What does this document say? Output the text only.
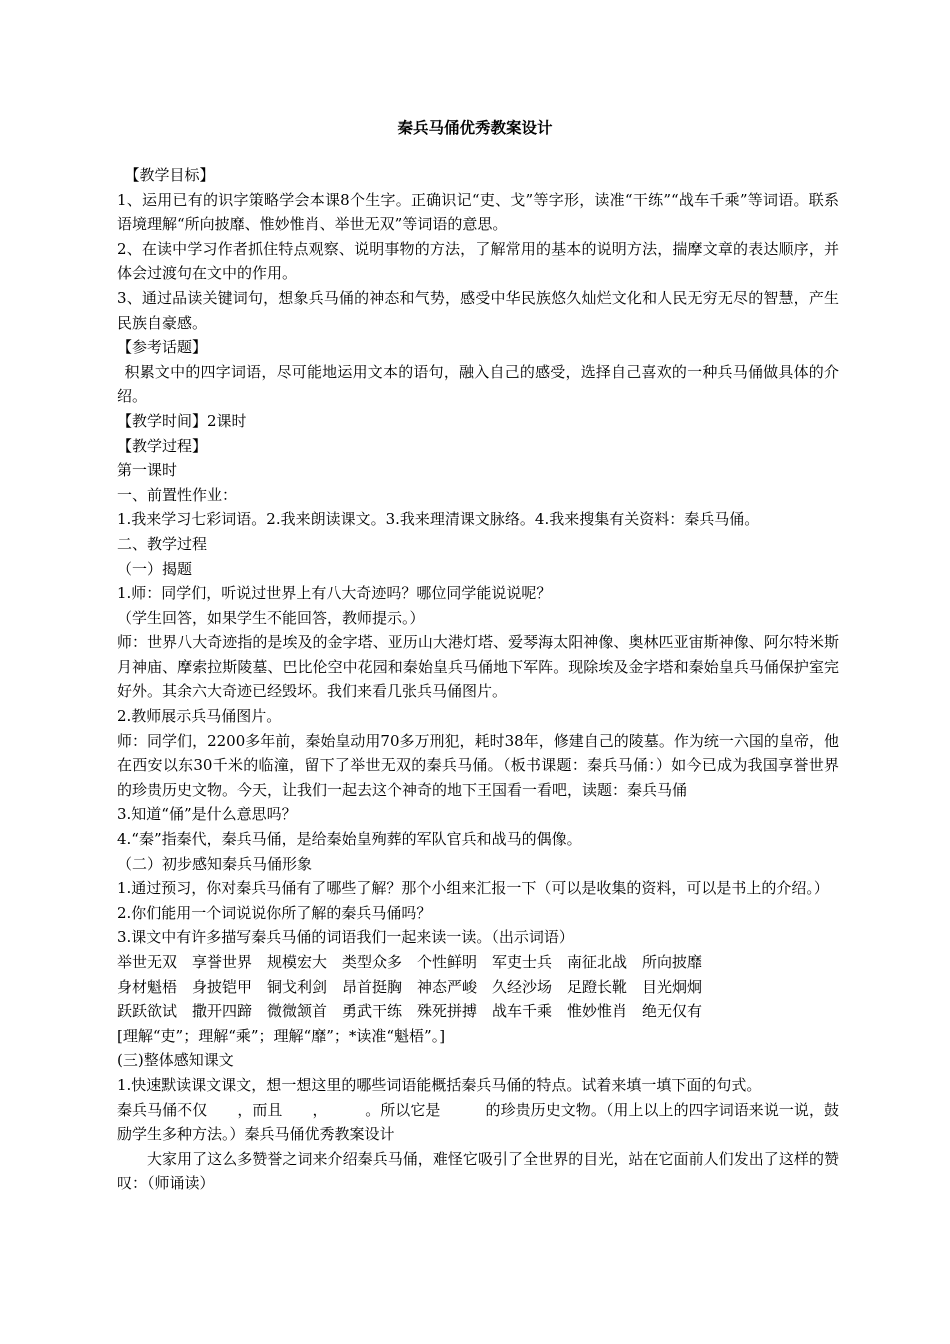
秦兵马俑优秀教案设计

【教学目标】

1、运用已有的识字策略学会本课8个生字。正确识记“吏、戈”等字形，读准“干练”“战车千乘”等词语。联系语境理解“所向披靡、惟妙惟肖、举世无双”等词语的意思。

2、在读中学习作者抓住特点观察、说明事物的方法，了解常用的基本的说明方法，揣摩文章的表达顺序，并体会过渡句在文中的作用。

3、通过品读关键词句，想象兵马俑的神态和气势，感受中华民族悠久灿烂文化和人民无穷无尽的智慧，产生民族自豪感。

【参考话题】

积累文中的四字词语，尽可能地运用文本的语句，融入自己的感受，选择自己喜欢的一种兵马俑做具体的介绍。

【教学时间】2课时

【教学过程】

第一课时

一、前置性作业：

1.我来学习七彩词语。2.我来朗读课文。3.我来理清课文脉络。4.我来搜集有关资料：秦兵马俑。

二、教学过程

（一）揭题

1.师：同学们，听说过世界上有八大奇迹吗？哪位同学能说说呢？

（学生回答，如果学生不能回答，教师提示。）

师：世界八大奇迹指的是埃及的金字塔、亚历山大港灯塔、爱琴海太阳神像、奥林匹亚宙斯神像、阿尔特米斯月神庙、摩索拉斯陵墓、巴比伦空中花园和秦始皇兵马俑地下军阵。现除埃及金字塔和秦始皇兵马俑保护室完好外。其余六大奇迹已经毁坏。我们来看几张兵马俑图片。

2.教师展示兵马俑图片。

师：同学们，2200多年前，秦始皇动用70多万刑犯，耗时38年，修建自己的陵墓。作为统一六国的皇帝，他在西安以东30千米的临潼，留下了举世无双的秦兵马俑。（板书课题：秦兵马俑：）如今已成为我国享誉世界的珍贵历史文物。今天，让我们一起去这个神奇的地下王国看一看吧，读题：秦兵马俑

3.知道“俑”是什么意思吗？

4.“秦”指秦代，秦兵马俑，是给秦始皇殉葬的军队官兵和战马的偶像。

（二）初步感知秦兵马俑形象

1.通过预习，你对秦兵马俑有了哪些了解？那个小组来汇报一下（可以是收集的资料，可以是书上的介绍。）

2.你们能用一个词说说你所了解的秦兵马俑吗？

3.课文中有许多描写秦兵马俑的词语我们一起来读一读。（出示词语）

举世无双　享誉世界　规模宏大　类型众多　个性鲜明　军吏士兵　南征北战　所向披靡

身材魁梧　身披铠甲　铜戈利剑　昂首挺胸　神态严峻　久经沙场　足蹬长靴　目光炯炯

跃跃欲试　撒开四蹄　微微颔首　勇武干练　殊死拼搏　战车千乘　惟妙惟肖　绝无仅有

[理解“吏”；理解“乘”；理解“靡”；*读准“魁梧”。]

(三)整体感知课文

1.快速默读课文课文，想一想这里的哪些词语能概括秦兵马俑的特点。试着来填一填下面的句式。

秦兵马俑不仅　　，而且　　，　　　。所以它是　　　的珍贵历史文物。（用上以上的四字词语来说一说，鼓励学生多种方法。）秦兵马俑优秀教案设计

大家用了这么多赞誉之词来介绍秦兵马俑，难怪它吸引了全世界的目光，站在它面前人们发出了这样的赞叹：（师诵读）
